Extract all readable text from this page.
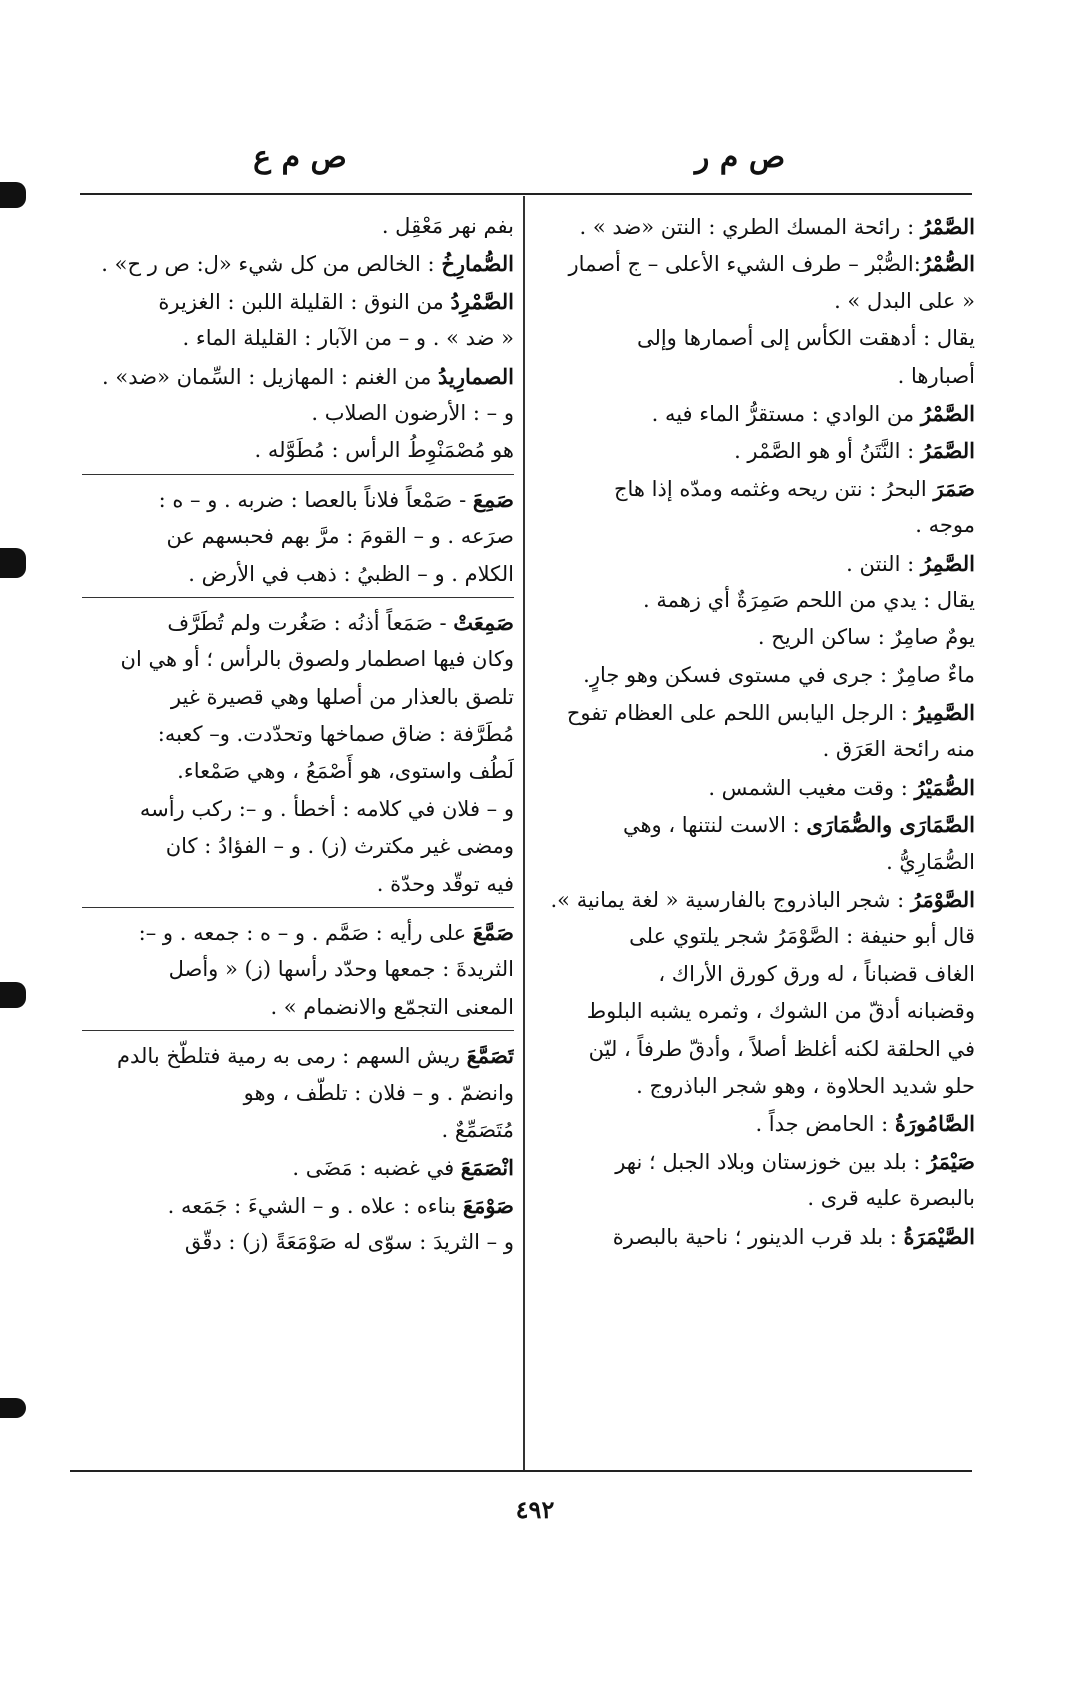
ص م ر
ص م ع
الصَّمْرُ : رائحة المسك الطري : النتن «ضد » .
الصُّمْرُ:الصُّبْر – طرف الشيء الأعلى – ج أصمار
« على البدل » .
يقال : أدهقت الكأس إلى أصمارها وإلى
أصبارها .
الصَّمْرُ من الوادي : مستقرُّ الماء فيه .
الصَّمَرُ : النَّتَنُ أو هو الصَّمْر .
صَمَرَ البحرُ : نتن ريحه وغثمه ومدّه إذا هاج
موجه .
الصَّمِرُ : النتن .
يقال : يدي من اللحم صَمِرَةٌ أي زهمة .
يومٌ صامِرٌ : ساكن الريح .
ماءٌ صامِرٌ : جرى في مستوى فسكن وهو جارٍ.
الصَّمِيرُ : الرجل اليابس اللحم على العظام تفوح
منه رائحة العَرَق .
الصُّمَيْرُ : وقت مغيب الشمس .
الصَّمَارَى والصُّمَارَى : الاست لنتنها ، وهي
الصُّمَارِيُّ .
الصَّوْمَرُ : شجر الباذروج بالفارسية « لغة يمانية ».
قال أبو حنيفة : الصَّوْمَرُ شجر يلتوي على
الغاف قضباناً ، له ورق كورق الأراك ،
وقضبانه أدقّ من الشوك ، وثمره يشبه البلوط
في الحلقة لكنه أغلظ أصلاً ، وأدقّ طرفاً ، ليّن
حلو شديد الحلاوة ، وهو شجر الباذروج .
الصَّامُورَةُ : الحامض جداً .
صَيْمَرُ : بلد بين خوزستان وبلاد الجبل ؛ نهر
بالبصرة عليه قرى .
الصَّيْمَرَةُ : بلد قرب الدينور ؛ ناحية بالبصرة
بفم نهر مَعْقِل .
الصُّمارِخُ : الخالص من كل شيء «ل: ص ر ح» .
الصَّمْرِدُ من النوق : القليلة اللبن : الغزيرة
« ضد » . و – من الآبار : القليلة الماء .
الصمارِيدُ من الغنم : المهازيل : السِّمان «ضد» .
و – : الأرضون الصلاب .
هو مُصْمَنْوِطُ الرأس : مُطَوَّله .
صَمِعَ - صَمْعاً فلاناً بالعصا : ضربه . و – ه :
صرَعه . و – القومَ : مرَّ بهم فحبسهم عن
الكلام . و – الظبيُ : ذهب في الأرض .
صَمِعَتْ - صَمَعاً أذنُه : صَغُرت ولم تُطَرَّف
وكان فيها اصطمار ولصوق بالرأس ؛ أو هي ان
تلصق بالعذار من أصلها وهي قصيرة غير
مُطَرَّفة : ضاق صماخها وتحدّدت. و– كعبه:
لَطُف واستوى، هو أَصْمَعُ ، وهي صَمْعاء.
و – فلان في كلامه : أخطأ . و –: ركب رأسه
ومضى غير مكترث (ز) . و – الفؤادُ : كان
فيه توقّد وحدّة .
صَمَّعَ على رأيه : صَمَّم . و – ه : جمعه . و –:
الثريدةَ : جمعها وحدّد رأسها (ز) « وأصل
المعنى التجمّع والانضمام » .
تَصَمَّعَ ريش السهم : رمى به رمية فتلطّخ بالدم
وانضمّ . و – فلان : تلطّف ، وهو
مُتَصَمِّعٌ .
انْصَمَعَ في غضبه : مَضَى .
صَوْمَعَ بناءه : علاه . و – الشيءَ : جَمَعه .
و – الثريدَ : سوّى له صَوْمَعَةً (ز) : دقّق
٤٩٢
